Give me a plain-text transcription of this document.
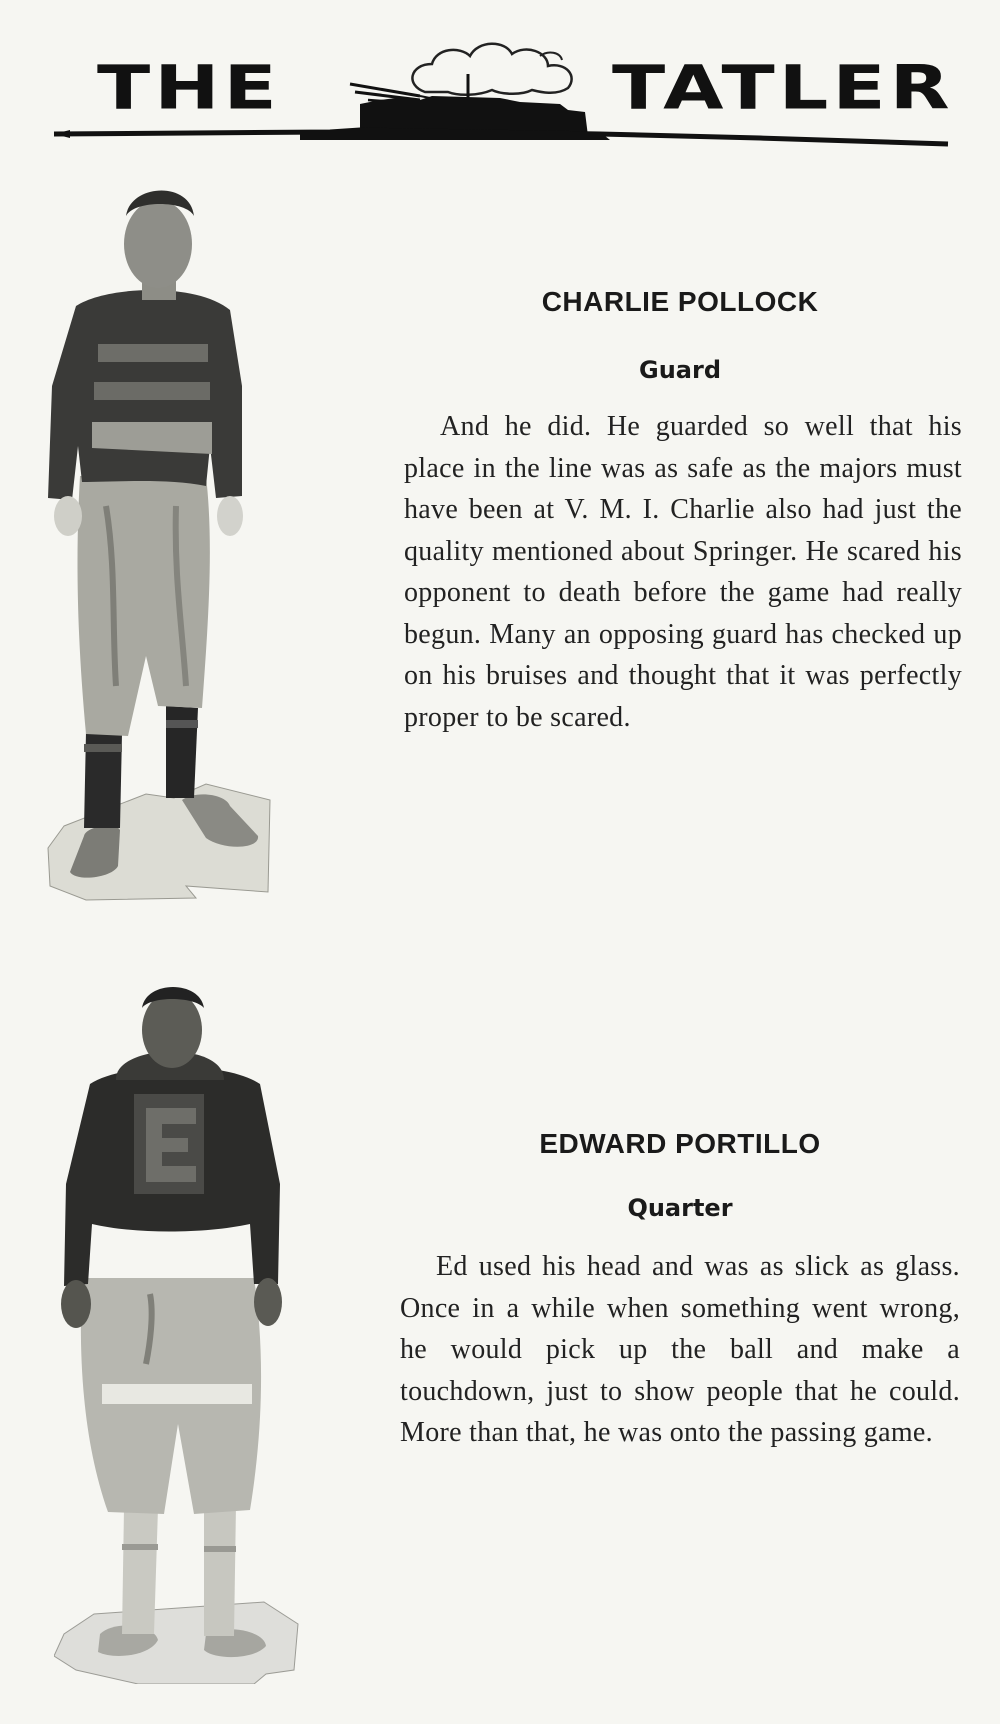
THE	TATLER
CHARLIE POLLOCK
Guard

And he did. He guarded so well that his place in the line was as safe as the majors must have been at V. M. I. Charlie also had just the quality mentioned about Springer. He scared his opponent to death before the game had really begun. Many an opposing guard has checked up on his bruises and thought that it was perfectly proper to be scared.

EDWARD PORTILLO
Quarter

Ed used his head and was as slick as glass. Once in a while when something went wrong, he would pick up the ball and make a touchdown, just to show people that he could. More than that, he was onto the passing game.
